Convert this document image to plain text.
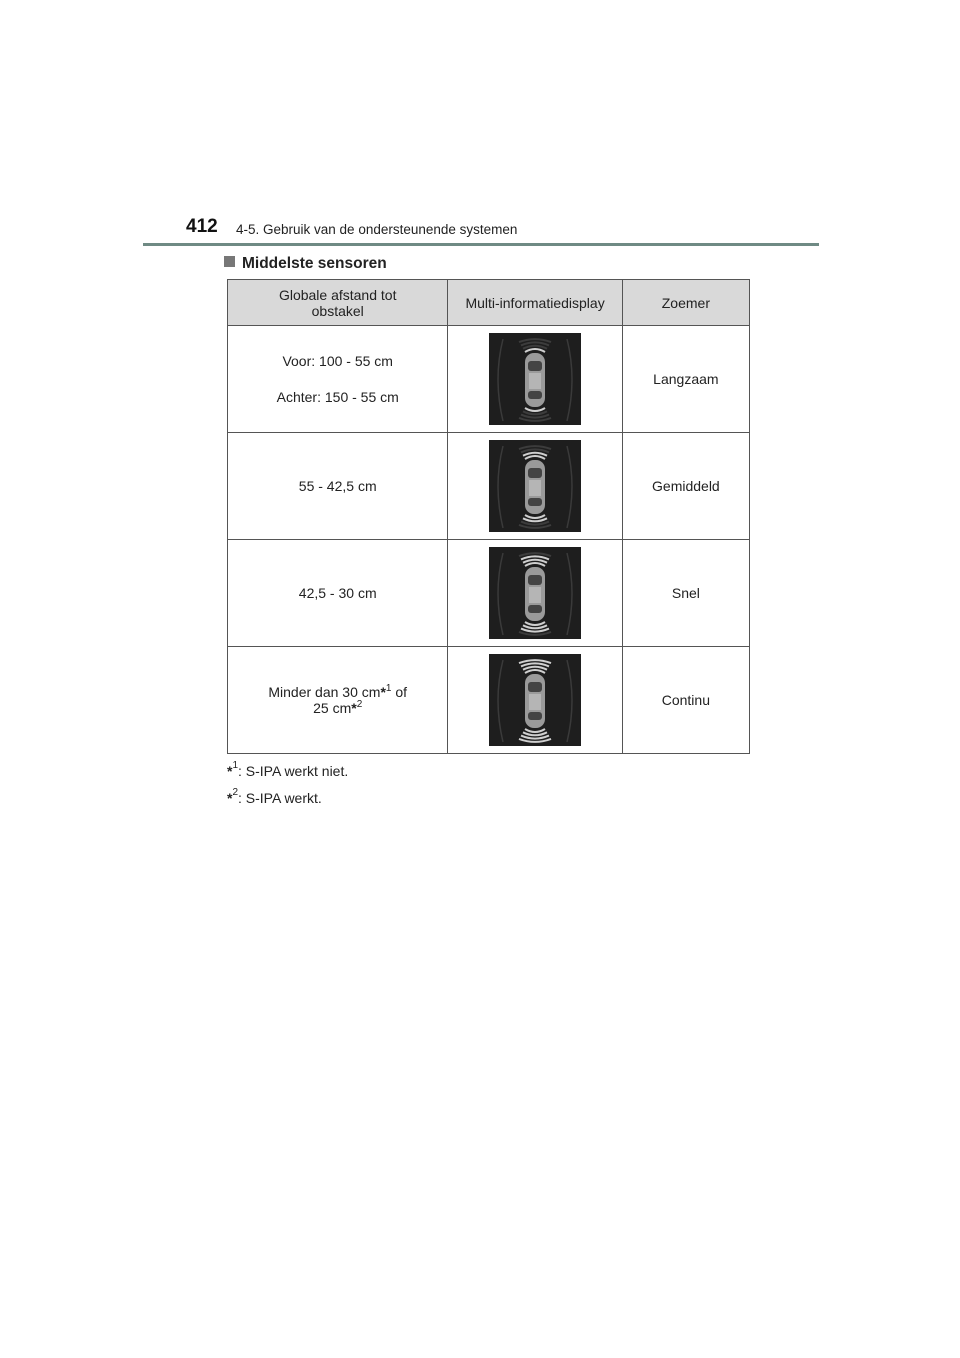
412 4-5. Gebruik van de ondersteunende systemen
Middelste sensoren
Globale afstand tot obstakel	Multi-informatiedisplay	Zoemer

Voor: 100 - 55 cm
Achter: 150 - 55 cm		Langzaam

55 - 42,5 cm		Gemiddeld

42,5 - 30 cm		Snel
Minder dan 30 cm*$^1$ of
25 cm*$^2$		Continu
*$^1$: S-IPA werkt niet.
*$^2$: S-IPA werkt.
